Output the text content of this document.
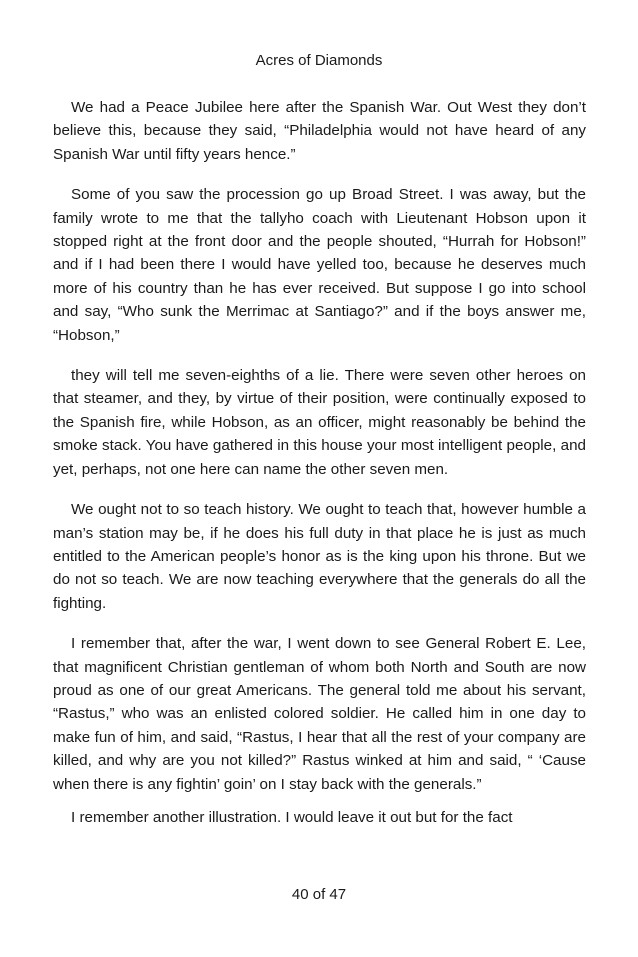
Acres of Diamonds

We had a Peace Jubilee here after the Spanish War. Out West they don’t believe this, because they said, “Philadelphia would not have heard of any Spanish War until fifty years hence.”

Some of you saw the procession go up Broad Street. I was away, but the family wrote to me that the tallyho coach with Lieutenant Hobson upon it stopped right at the front door and the people shouted, “Hurrah for Hobson!” and if I had been there I would have yelled too, because he deserves much more of his country than he has ever received. But suppose I go into school and say, “Who sunk the Merrimac at Santiago?” and if the boys answer me, “Hobson,”

they will tell me seven-eighths of a lie. There were seven other heroes on that steamer, and they, by virtue of their position, were continually exposed to the Spanish fire, while Hobson, as an officer, might reasonably be behind the smoke stack. You have gathered in this house your most intelligent people, and yet, perhaps, not one here can name the other seven men.

We ought not to so teach history. We ought to teach that, however humble a man’s station may be, if he does his full duty in that place he is just as much entitled to the American people’s honor as is the king upon his throne. But we do not so teach. We are now teaching everywhere that the generals do all the fighting.

I remember that, after the war, I went down to see General Robert E. Lee, that magnificent Christian gentleman of whom both North and South are now proud as one of our great Americans. The general told me about his servant, “Rastus,” who was an enlisted colored soldier. He called him in one day to make fun of him, and said, “Rastus, I hear that all the rest of your company are killed, and why are you not killed?” Rastus winked at him and said, “ ‘Cause when there is any fightin’ goin’ on I stay back with the generals.”

I remember another illustration. I would leave it out but for the fact

40 of 47
